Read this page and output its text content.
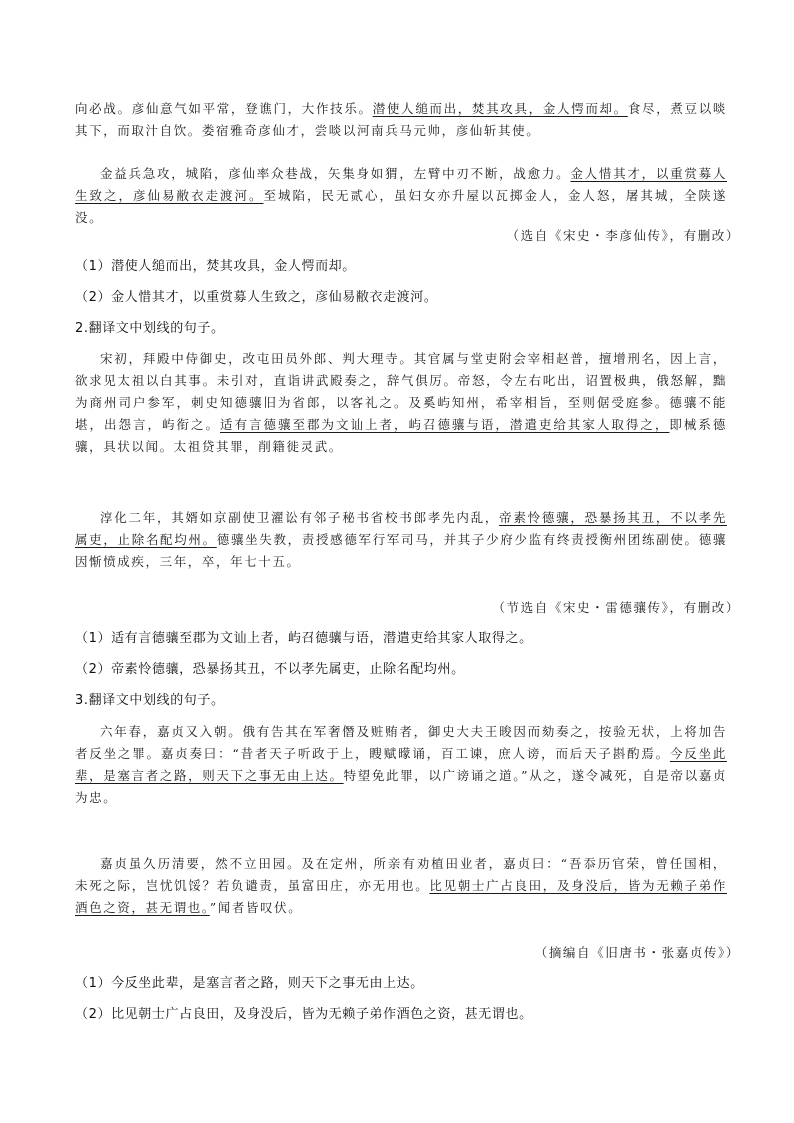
向必战。彦仙意气如平常，登谯门，大作技乐。潜使人缒而出，焚其攻具，金人愕而却。食尽，煮豆以啖其下，而取汁自饮。娄宿雅奇彦仙才，尝啖以河南兵马元帅，彦仙斩其使。

金益兵急攻，城陷，彦仙率众巷战，矢集身如猬，左臂中刃不断，战愈力。金人惜其才，以重赏募人生致之，彦仙易敝衣走渡河。至城陷，民无贰心，虽妇女亦升屋以瓦掷金人，金人怒，屠其城，全陕遂没。

（选自《宋史・李彦仙传》，有删改）

（1）潜使人缒而出，焚其攻具，金人愕而却。

（2）金人惜其才，以重赏募人生致之，彦仙易敝衣走渡河。

2.翻译文中划线的句子。

宋初，拜殿中侍御史，改屯田员外郎、判大理寺。其官属与堂吏附会宰相赵普，擅增刑名，因上言，欲求见太祖以白其事。未引对，直诣讲武殿奏之，辞气俱厉。帝怒，令左右叱出，诏置极典，俄怒解，黜为商州司户参军，刺史知德骧旧为省郎，以客礼之。及奚屿知州，希宰相旨，至则倨受庭参。德骧不能堪，出怨言，屿衔之。适有言德骧至郡为文讪上者，屿召德骧与语，潜遣吏给其家人取得之，即械系德骧，具状以闻。太祖贷其罪，削籍徙灵武。

淳化二年，其婿如京副使卫濯讼有邻子秘书省校书郎孝先内乱，帝素怜德骧，恐暴扬其丑，不以孝先属吏，止除名配均州。德骧坐失教，责授感德军行军司马，并其子少府少监有终责授衡州团练副使。德骧因惭愤成疾，三年，卒，年七十五。

（节选自《宋史・雷德骧传》，有删改）

（1）适有言德骧至郡为文讪上者，屿召德骧与语，潜遣吏给其家人取得之。

（2）帝素怜德骧，恐暴扬其丑，不以孝先属吏，止除名配均州。

3.翻译文中划线的句子。

六年春，嘉贞又入朝。俄有告其在军奢僭及赃贿者，御史大夫王晙因而劾奏之，按验无状，上将加告者反坐之罪。嘉贞奏曰：“昔者天子听政于上，瞍赋曚诵，百工谏，庶人谤，而后天子斟酌焉。今反坐此辈，是塞言者之路，则天下之事无由上达。特望免此罪，以广谤诵之道。”从之，遂令减死，自是帝以嘉贞为忠。

嘉贞虽久历清要，然不立田园。及在定州，所亲有劝植田业者，嘉贞曰：“吾忝历官荣，曾任国相，未死之际，岂忧饥馁？若负谴责，虽富田庄，亦无用也。比见朝士广占良田，及身没后，皆为无赖子弟作酒色之资，甚无谓也。”闻者皆叹伏。

（摘编自《旧唐书・张嘉贞传》）

（1）今反坐此辈，是塞言者之路，则天下之事无由上达。

（2）比见朝士广占良田，及身没后，皆为无赖子弟作酒色之资，甚无谓也。
